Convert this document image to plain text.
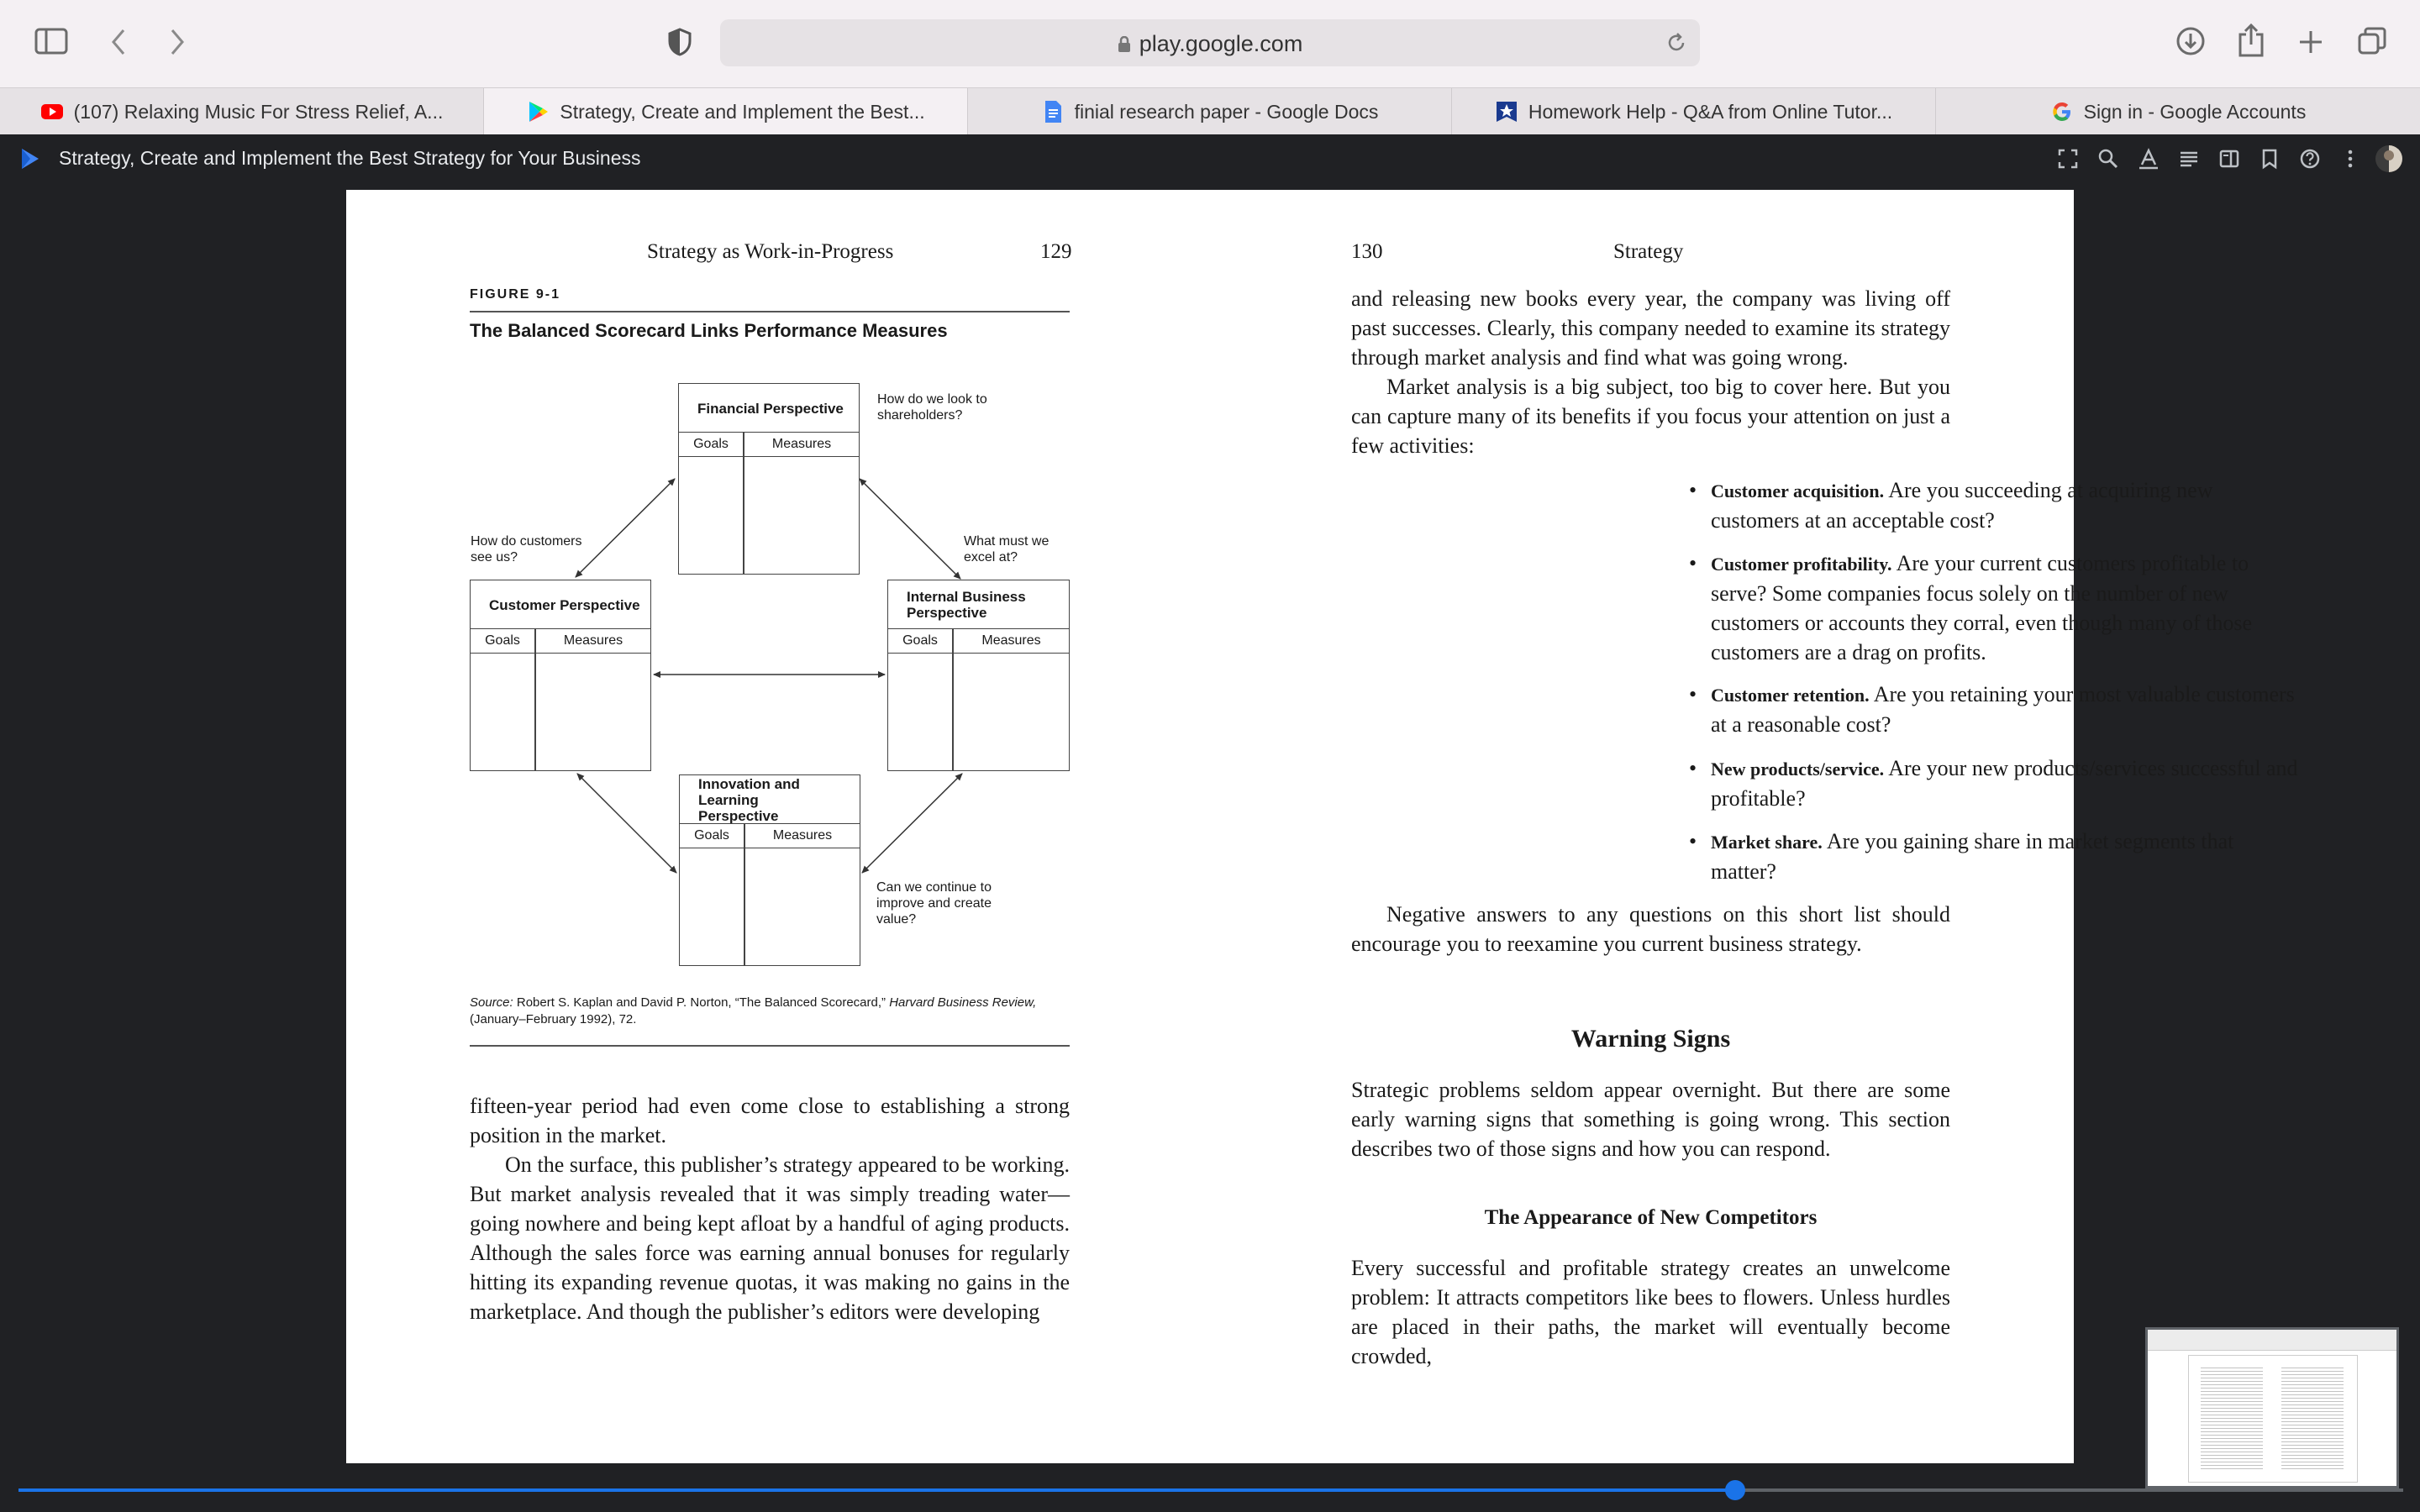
play.google.com
(107) Relaxing Music For Stress Relief, A...	Strategy, Create and Implement the Best...	finial research paper - Google Docs	Homework Help - Q&A from Online Tutor...	Sign in - Google Accounts
Strategy, Create and Implement the Best Strategy for Your Business
Strategy as Work-in-Progress	129
FIGURE 9-1
The Balanced Scorecard Links Performance Measures
Financial Perspective
Goals	Measures
How do we look to shareholders?
How do customers see us?
Customer Perspective
Goals	Measures
What must we excel at?
Internal Business Perspective
Goals	Measures
Innovation and Learning Perspective
Goals	Measures
Can we continue to improve and create value?
Source: Robert S. Kaplan and David P. Norton, “The Balanced Scorecard,” Harvard Business Review, (January–February 1992), 72.
fifteen-year period had even come close to establishing a strong position in the market.
On the surface, this publisher’s strategy appeared to be working. But market analysis revealed that it was simply treading water—going nowhere and being kept afloat by a handful of aging products. Although the sales force was earning annual bonuses for regularly hitting its expanding revenue quotas, it was making no gains in the marketplace. And though the publisher’s editors were developing
130	Strategy
and releasing new books every year, the company was living off past successes. Clearly, this company needed to examine its strategy through market analysis and find what was going wrong.
Market analysis is a big subject, too big to cover here. But you can capture many of its benefits if you focus your attention on just a few activities:
• Customer acquisition. Are you succeeding at acquiring new customers at an acceptable cost?
• Customer profitability. Are your current customers profitable to serve? Some companies focus solely on the number of new customers or accounts they corral, even though many of those customers are a drag on profits.
• Customer retention. Are you retaining your most valuable customers at a reasonable cost?
• New products/service. Are your new products/services successful and profitable?
• Market share. Are you gaining share in market segments that matter?
Negative answers to any questions on this short list should encourage you to reexamine you current business strategy.
Warning Signs
Strategic problems seldom appear overnight. But there are some early warning signs that something is going wrong. This section describes two of those signs and how you can respond.
The Appearance of New Competitors
Every successful and profitable strategy creates an unwelcome problem: It attracts competitors like bees to flowers. Unless hurdles are placed in their paths, the market will eventually become crowded,
